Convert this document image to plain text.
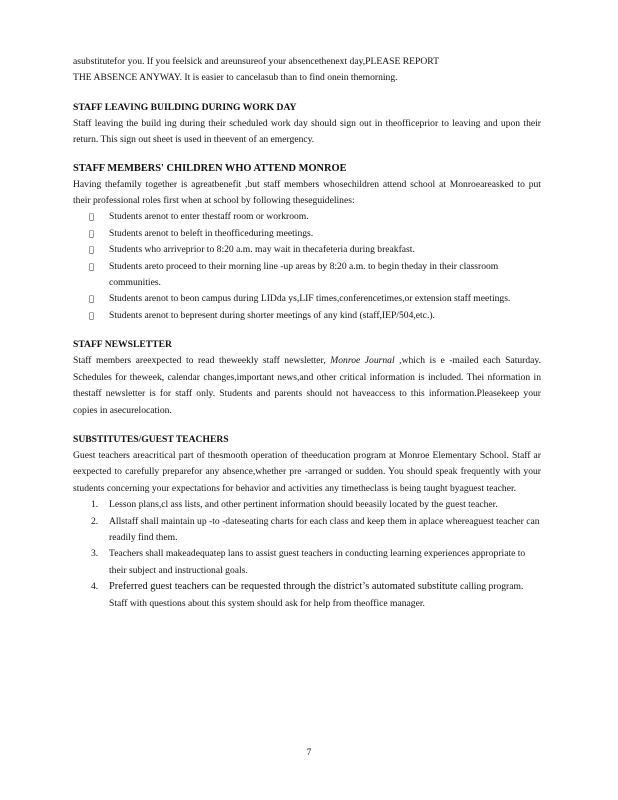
asubstitutefor you. If you feelsick and areunsureof your absencethenext day,PLEASE REPORT
THE ABSENCE ANYWAY. It is easier to cancelasub than to find onein themorning.

STAFF LEAVING BUILDING DURING WORK DAY

Staff leaving the build ing during their scheduled work day should sign out in theofficeprior to leaving and upon their return. This sign out sheet is used in theevent of an emergency.

STAFF MEMBERS' CHILDREN WHO ATTEND MONROE

Having thefamily together is agreatbenefit ,but staff members whosechildren attend school at Monroeareasked to put their professional roles first when at school by following theseguidelines:

Students arenot to enter thestaff room or workroom.
Students arenot to beleft in theofficeduring meetings.
Students who arriveprior to 8:20 a.m. may wait in thecafeteria during breakfast.
Students areto proceed to their morning line -up areas by 8:20 a.m. to begin theday in their classroom communities.
Students arenot to beon campus during LIDda ys,LIF times,conferencetimes,or extension staff meetings.
Students arenot to bepresent during shorter meetings of any kind (staff,IEP/504,etc.).

STAFF NEWSLETTER

Staff members areexpected to read theweekly staff newsletter, Monroe Journal ,which is e -mailed each Saturday. Schedules for theweek, calendar changes,important news,and other critical information is included. Thei nformation in thestaff newsletter is for staff only. Students and parents should not haveaccess to this information.Pleasekeep your copies in asecurelocation.

SUBSTITUTES/GUEST TEACHERS

Guest teachers areacritical part of thesmooth operation of theeducation program at Monroe Elementary School. Staff ar eexpected to carefully preparefor any absence,whether pre -arranged or sudden. You should speak frequently with your students concerning your expectations for behavior and activities any timetheclass is being taught byaguest teacher.

1. Lesson plans,cl ass lists, and other pertinent information should beeasily located by the guest teacher.
2. Allstaff shall maintain up -to -dateseating charts for each class and keep them in aplace whereaguest teacher can readily find them.
3. Teachers shall makeadequatep lans to assist guest teachers in conducting learning experiences appropriate to their subject and instructional goals.
4. Preferred guest teachers can be requested through the district’s automated substitute calling program. Staff with questions about this system should ask for help from theoffice manager.
7
